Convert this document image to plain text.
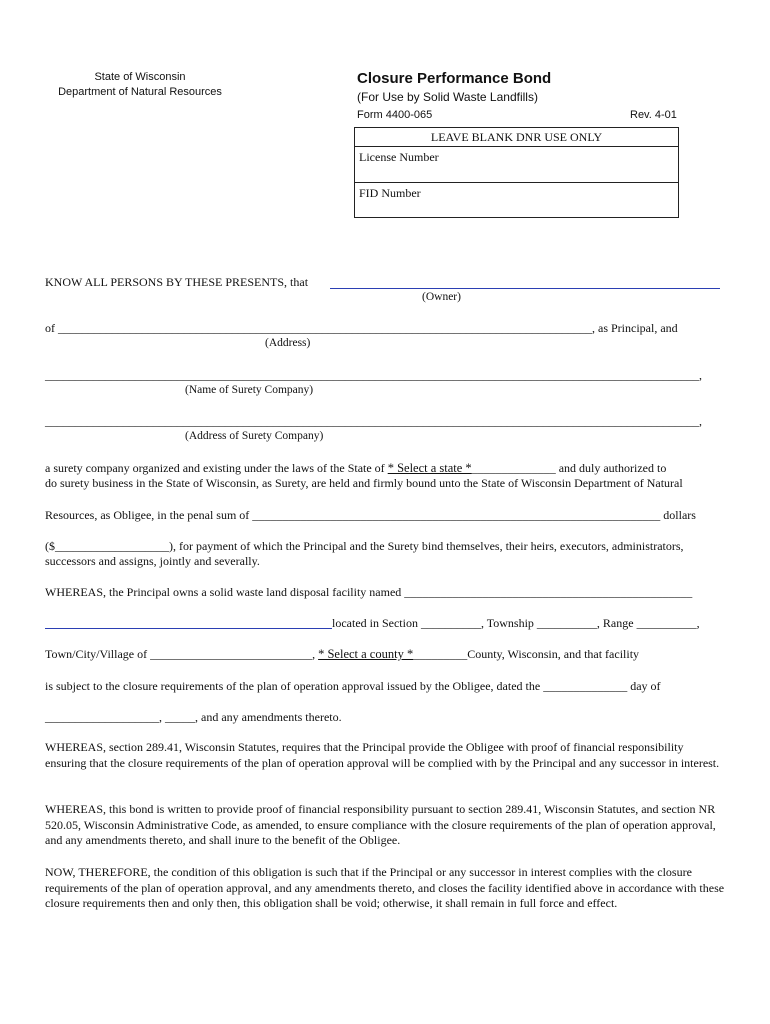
State of Wisconsin
Department of Natural Resources
Closure Performance Bond
(For Use by Solid Waste Landfills)
Form 4400-065	Rev. 4-01
LEAVE BLANK DNR USE ONLY
License Number
FID Number
KNOW ALL PERSONS BY THESE PRESENTS, that
(Owner)
of _________________________________________________________________________________________, as Principal, and
(Address)
_____________________________________________________________________________________________________________,
(Name of Surety Company)
_____________________________________________________________________________________________________________,
(Address of Surety Company)
a surety company organized and existing under the laws of the State of * Select a state *______________ and duly authorized to
do surety business in the State of Wisconsin, as Surety, are held and firmly bound unto the State of Wisconsin Department of Natural
Resources, as Obligee, in the penal sum of ____________________________________________________________________ dollars
($___________________), for payment of which the Principal and the Surety bind themselves, their heirs, executors, administrators,
successors and assigns, jointly and severally.
WHEREAS, the Principal owns a solid waste land disposal facility named ________________________________________________
located in Section __________, Township __________, Range __________,
Town/City/Village of ___________________________, * Select a county *_________County, Wisconsin, and that facility
is subject to the closure requirements of the plan of operation approval issued by the Obligee, dated the ______________ day of
___________________, _____, and any amendments thereto.
WHEREAS, section 289.41, Wisconsin Statutes, requires that the Principal provide the Obligee with proof of financial responsibility ensuring that the closure requirements of the plan of operation approval will be complied with by the Principal and any successor in interest.
WHEREAS, this bond is written to provide proof of financial responsibility pursuant to section 289.41, Wisconsin Statutes, and section NR 520.05, Wisconsin Administrative Code, as amended, to ensure compliance with the closure requirements of the plan of operation approval, and any amendments thereto, and shall inure to the benefit of the Obligee.
NOW, THEREFORE, the condition of this obligation is such that if the Principal or any successor in interest complies with the closure requirements of the plan of operation approval, and any amendments thereto, and closes the facility identified above in accordance with these closure requirements then and only then, this obligation shall be void; otherwise, it shall remain in full force and effect.
